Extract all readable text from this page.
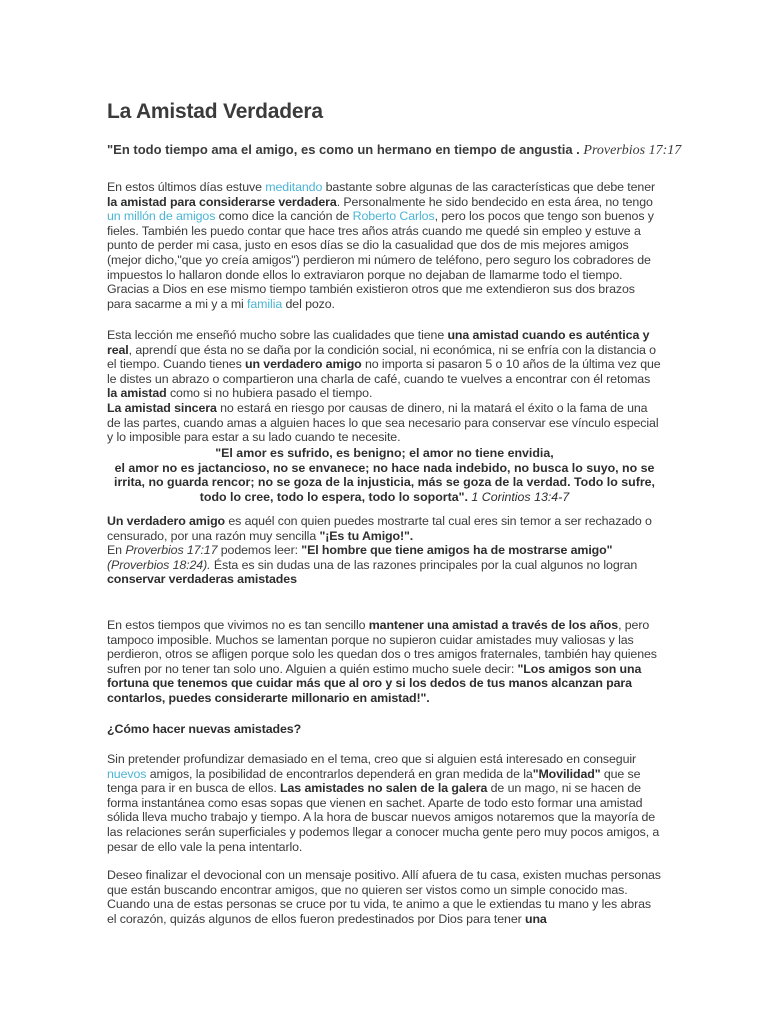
La Amistad Verdadera

"En todo tiempo ama el amigo, es como un hermano en tiempo de angustia . Proverbios 17:17

En estos últimos días estuve meditando bastante sobre algunas de las características que debe tener la amistad para considerarse verdadera. Personalmente he sido bendecido en esta área, no tengo un millón de amigos como dice la canción de Roberto Carlos, pero los pocos que tengo son buenos y fieles. También les puedo contar que hace tres años atrás cuando me quedé sin empleo y estuve a punto de perder mi casa, justo en esos días se dio la casualidad que dos de mis mejores amigos (mejor dicho,"que yo creía amigos") perdieron mi número de teléfono, pero seguro los cobradores de impuestos lo hallaron donde ellos lo extraviaron porque no dejaban de llamarme todo el tiempo. Gracias a Dios en ese mismo tiempo también existieron otros que me extendieron sus dos brazos para sacarme a mi y a mi familia del pozo.

Esta lección me enseñó mucho sobre las cualidades que tiene una amistad cuando es auténtica y real, aprendí que ésta no se daña por la condición social, ni económica, ni se enfría con la distancia o el tiempo. Cuando tienes un verdadero amigo no importa si pasaron 5 o 10 años de la última vez que le distes un abrazo o compartieron una charla de café, cuando te vuelves a encontrar con él retomas la amistad como si no hubiera pasado el tiempo.
La amistad sincera no estará en riesgo por causas de dinero, ni la matará el éxito o la fama de una de las partes, cuando amas a alguien haces lo que sea necesario para conservar ese vínculo especial y lo imposible para estar a su lado cuando te necesite.

"El amor es sufrido, es benigno; el amor no tiene envidia,
el amor no es jactancioso, no se envanece; no hace nada indebido, no busca lo suyo, no se irrita, no guarda rencor; no se goza de la injusticia, más se goza de la verdad. Todo lo sufre, todo lo cree, todo lo espera, todo lo soporta". 1 Corintios 13:4-7

Un verdadero amigo es aquél con quien puedes mostrarte tal cual eres sin temor a ser rechazado o censurado, por una razón muy sencilla "¡Es tu Amigo!".
En Proverbios 17:17 podemos leer: "El hombre que tiene amigos ha de mostrarse amigo" (Proverbios 18:24). Ésta es sin dudas una de las razones principales por la cual algunos no logran conservar verdaderas amistades

En estos tiempos que vivimos no es tan sencillo mantener una amistad a través de los años, pero tampoco imposible. Muchos se lamentan porque no supieron cuidar amistades muy valiosas y las perdieron, otros se afligen porque solo les quedan dos o tres amigos fraternales, también hay quienes sufren por no tener tan solo uno. Alguien a quién estimo mucho suele decir: "Los amigos son una fortuna que tenemos que cuidar más que al oro y si los dedos de tus manos alcanzan para contarlos, puedes considerarte millonario en amistad!".

¿Cómo hacer nuevas amistades?

Sin pretender profundizar demasiado en el tema, creo que si alguien está interesado en conseguir nuevos amigos, la posibilidad de encontrarlos dependerá en gran medida de la"Movilidad" que se tenga para ir en busca de ellos. Las amistades no salen de la galera de un mago, ni se hacen de forma instantánea como esas sopas que vienen en sachet. Aparte de todo esto formar una amistad sólida lleva mucho trabajo y tiempo. A la hora de buscar nuevos amigos notaremos que la mayoría de las relaciones serán superficiales y podemos llegar a conocer mucha gente pero muy pocos amigos, a pesar de ello vale la pena intentarlo.

Deseo finalizar el devocional con un mensaje positivo. Allí afuera de tu casa, existen muchas personas que están buscando encontrar amigos, que no quieren ser vistos como un simple conocido mas. Cuando una de estas personas se cruce por tu vida, te animo a que le extiendas tu mano y les abras el corazón, quizás algunos de ellos fueron predestinados por Dios para tener una
